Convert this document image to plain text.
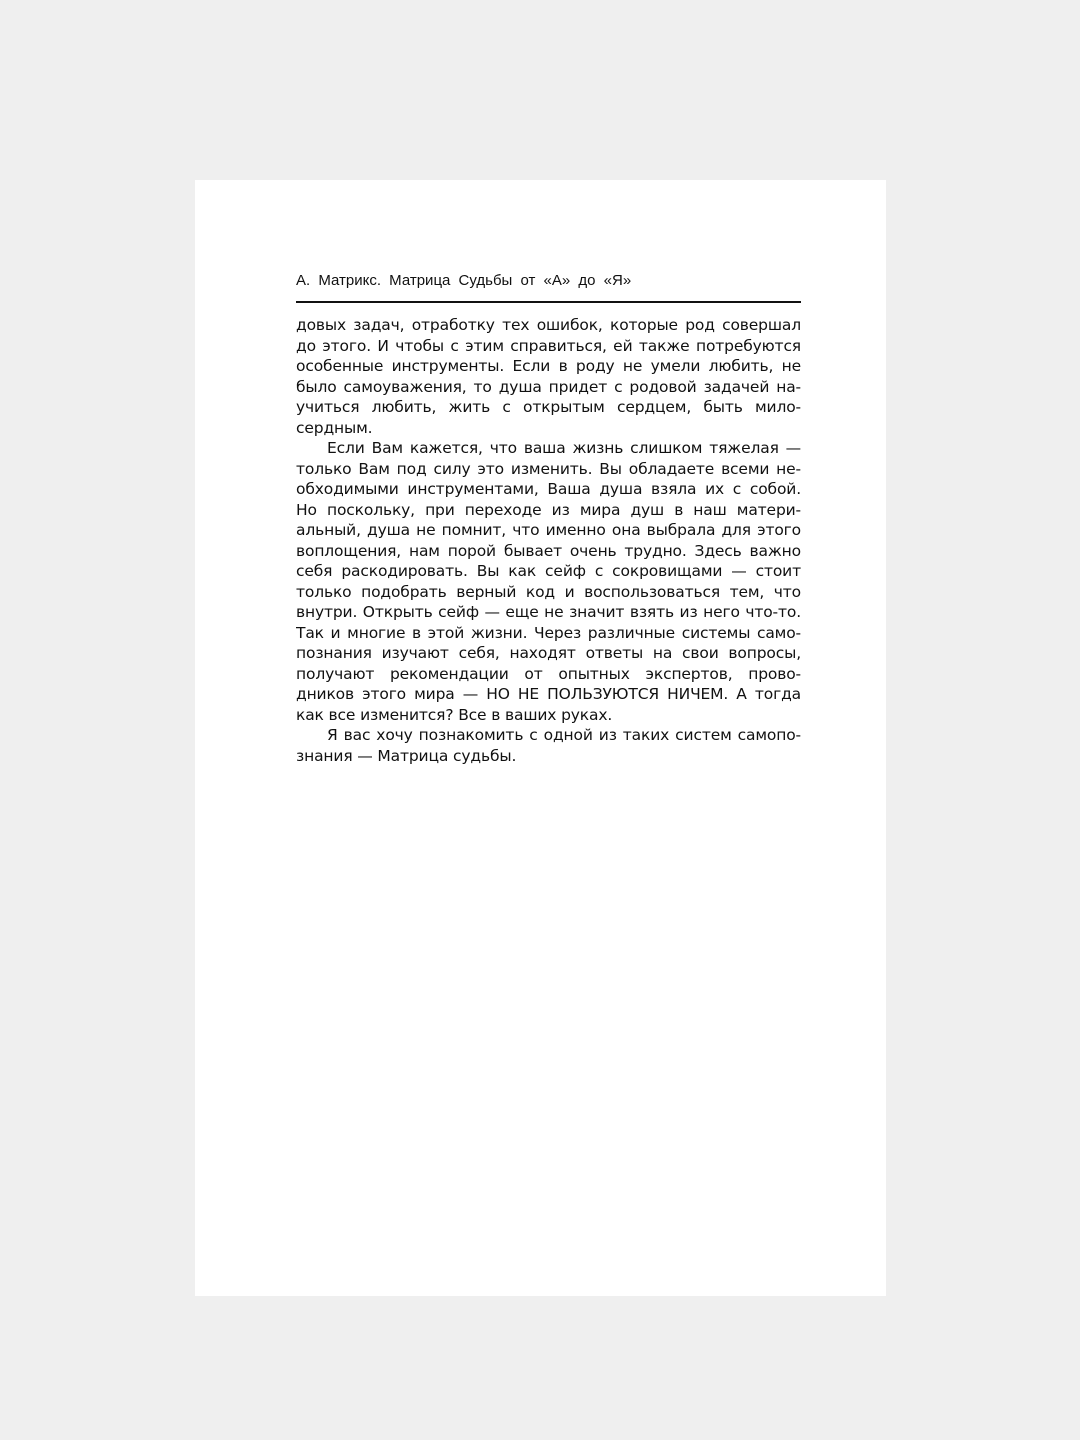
А. Матрикс. Матрица Судьбы от «А» до «Я»
довых задач, отработку тех ошибок, которые род совершал
до этого. И чтобы с этим справиться, ей также потребуются
особенные инструменты. Если в роду не умели любить, не
было самоуважения, то душа придет с родовой задачей на-
учиться любить, жить с открытым сердцем, быть мило-
сердным.
Если Вам кажется, что ваша жизнь слишком тяжелая —
только Вам под силу это изменить. Вы обладаете всеми не-
обходимыми инструментами, Ваша душа взяла их с собой.
Но поскольку, при переходе из мира душ в наш матери-
альный, душа не помнит, что именно она выбрала для этого
воплощения, нам порой бывает очень трудно. Здесь важно
себя раскодировать. Вы как сейф с сокровищами — стоит
только подобрать верный код и воспользоваться тем, что
внутри. Открыть сейф — еще не значит взять из него что-то.
Так и многие в этой жизни. Через различные системы само-
познания изучают себя, находят ответы на свои вопросы,
получают рекомендации от опытных экспертов, прово-
дников этого мира — НО НЕ ПОЛЬЗУЮТСЯ НИЧЕМ. А тогда
как все изменится? Все в ваших руках.
Я вас хочу познакомить с одной из таких систем самопо-
знания — Матрица судьбы.
